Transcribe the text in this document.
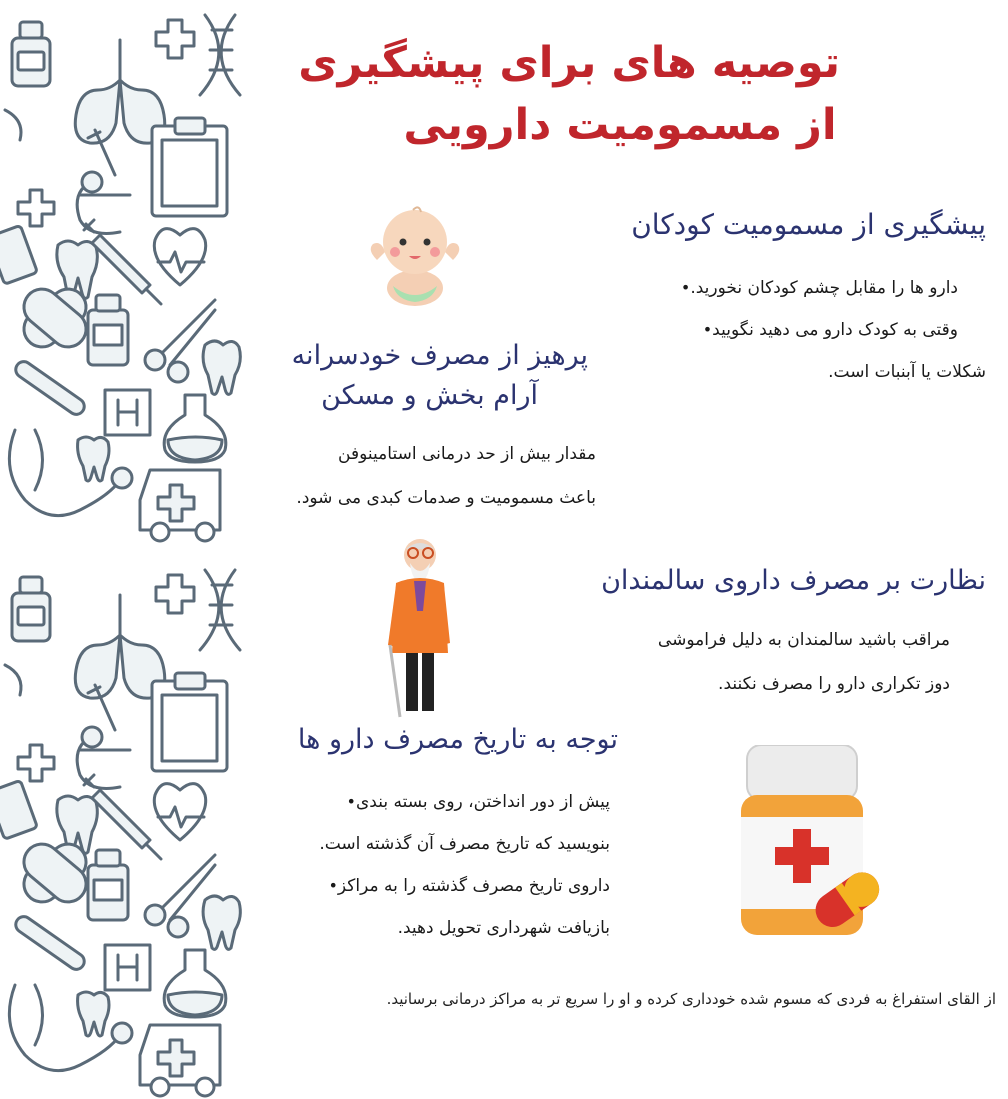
توصیه های برای پیشگیری
از مسمومیت دارویی
پیشگیری از مسمومیت کودکان
دارو ها را مقابل چشم کودکان نخورید. •
وقتی به کودک دارو می دهید نگویید •
شکلات یا آبنبات است.
پرهیز از مصرف خودسرانه
آرام بخش و مسکن
مقدار بیش از حد درمانی استامینوفن
باعث مسمومیت و صدمات کبدی می شود.
نظارت بر مصرف داروی سالمندان
مراقب باشید سالمندان به دلیل فراموشی
دوز تکراری دارو را مصرف نکنند.
توجه به تاریخ مصرف دارو ها
پیش از دور انداختن، روی بسته بندی •
بنویسید که تاریخ مصرف آن گذشته است.
داروی تاریخ مصرف گذشته را به مراکز •
بازیافت شهرداری تحویل دهید.
از القای استفراغ به فردی که مسوم شده خودداری کرده و او را سریع تر به مراکز درمانی برسانید.
